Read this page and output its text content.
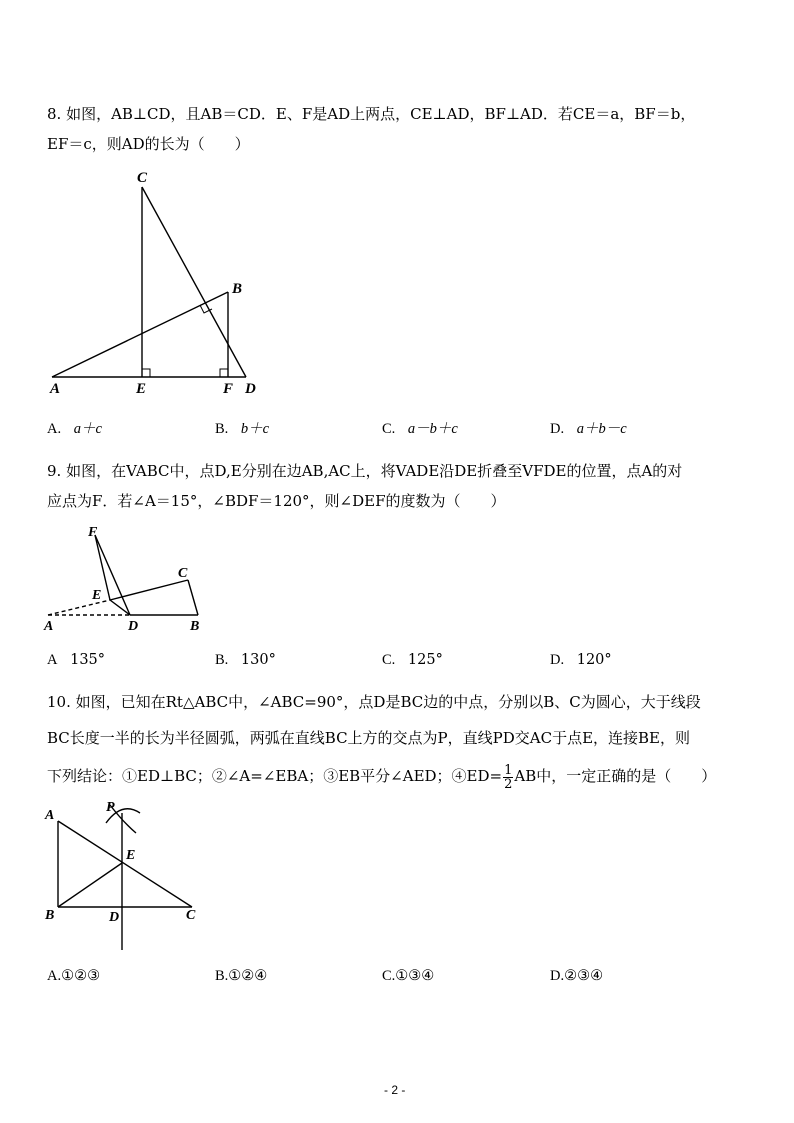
8. 如图，AB⊥CD，且AB＝CD．E、F是AD上两点，CE⊥AD，BF⊥AD．若CE＝a，BF＝b，
EF＝c，则AD的长为（　　）
C
B
A	E	F D
A. a＋c	B. b＋c	C. a－b＋c	D. a＋b－c
9. 如图，在VABC中，点D,E分别在边AB,AC上，将VADE沿DE折叠至VFDE的位置，点A的对
应点为F．若∠A＝15°，∠BDF＝120°，则∠DEF的度数为（　　）
F
C
E
A	D	B
A 135°	B. 130°	C. 125°	D. 120°
10. 如图，已知在Rt△ABC中，∠ABC=90°，点D是BC边的中点，分别以B、C为圆心，大于线段
BC长度一半的长为半径圆弧，两弧在直线BC上方的交点为P，直线PD交AC于点E，连接BE，则
下列结论：①ED⊥BC；②∠A=∠EBA；③EB平分∠AED；④ED= $\frac{1}{2}$ AB中，一定正确的是（　　）
P
A
E
B	D	C
A.①②③	B.①②④	C.①③④	D.②③④
- 2 -
